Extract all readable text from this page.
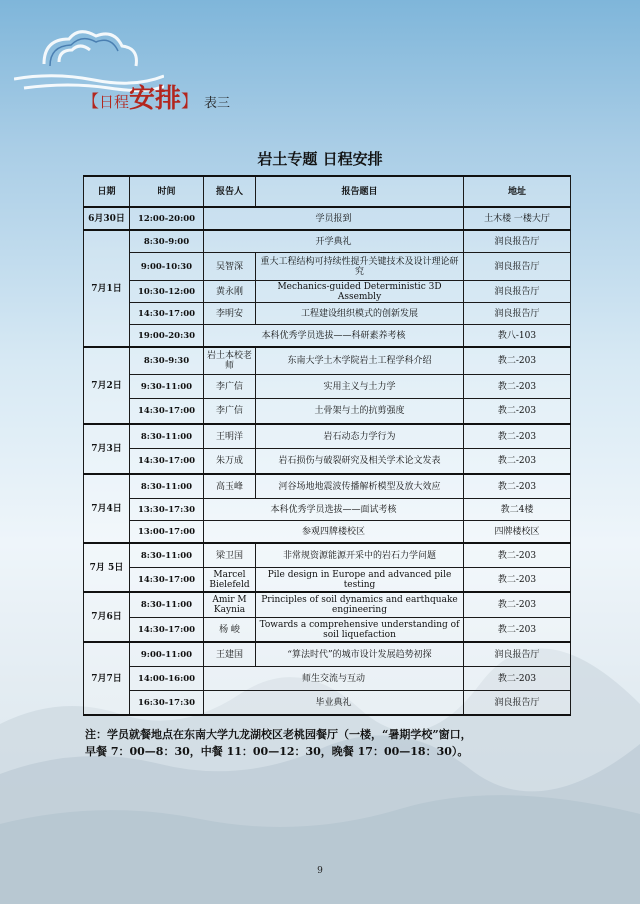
【 日程 安排 】 表三
岩土专题 日程安排
日期	时间	报告人	报告题目	地址
6月30日	12:00-20:00	学员报到		土木楼 一楼大厅
7月1日	8:30-9:00	开学典礼		润良报告厅
	9:00-10:30	吴智深	重大工程结构可持续性提升关键技术及设计理论研究	润良报告厅
	10:30-12:00	黄永刚	Mechanics-guided Deterministic 3D Assembly	润良报告厅
	14:30-17:00	李明安	工程建设组织模式的创新发展	润良报告厅
	19:00-20:30	本科优秀学员选拔——科研素养考核		教八-103
7月2日	8:30-9:30	岩土本校老师	东南大学土木学院岩土工程学科介绍	教二-203
	9:30-11:00	李广信	实用主义与土力学	教二-203
	14:30-17:00	李广信	土骨架与土的抗剪强度	教二-203
7月3日	8:30-11:00	王明洋	岩石动态力学行为	教二-203
	14:30-17:00	朱万成	岩石损伤与破裂研究及相关学术论文发表	教二-203
7月4日	8:30-11:00	高玉峰	河谷场地地震波传播解析模型及放大效应	教二-203
	13:30-17:30	本科优秀学员选拔——面试考核		教二4楼
	13:00-17:00	参观四牌楼校区		四牌楼校区
7月 5日	8:30-11:00	梁卫国	非常规资源能源开采中的岩石力学问题	教二-203
	14:30-17:00	Marcel Bielefeld	Pile design in Europe and advanced pile testing	教二-203
7月6日	8:30-11:00	Amir M Kaynia	Principles of soil dynamics and earthquake engineering	教二-203
	14:30-17:00	杨 峻	Towards a comprehensive understanding of soil liquefaction	教二-203
7月7日	9:00-11:00	王建国	“算法时代”的城市设计发展趋势初探	润良报告厅
	14:00-16:00	师生交流与互动		教二-203
	16:30-17:30	毕业典礼		润良报告厅
注：学员就餐地点在东南大学九龙湖校区老桃园餐厅（一楼，“暑期学校”窗口，
早餐 7：00—8：30，中餐 11：00—12：30，晚餐 17：00—18：30）。
9
